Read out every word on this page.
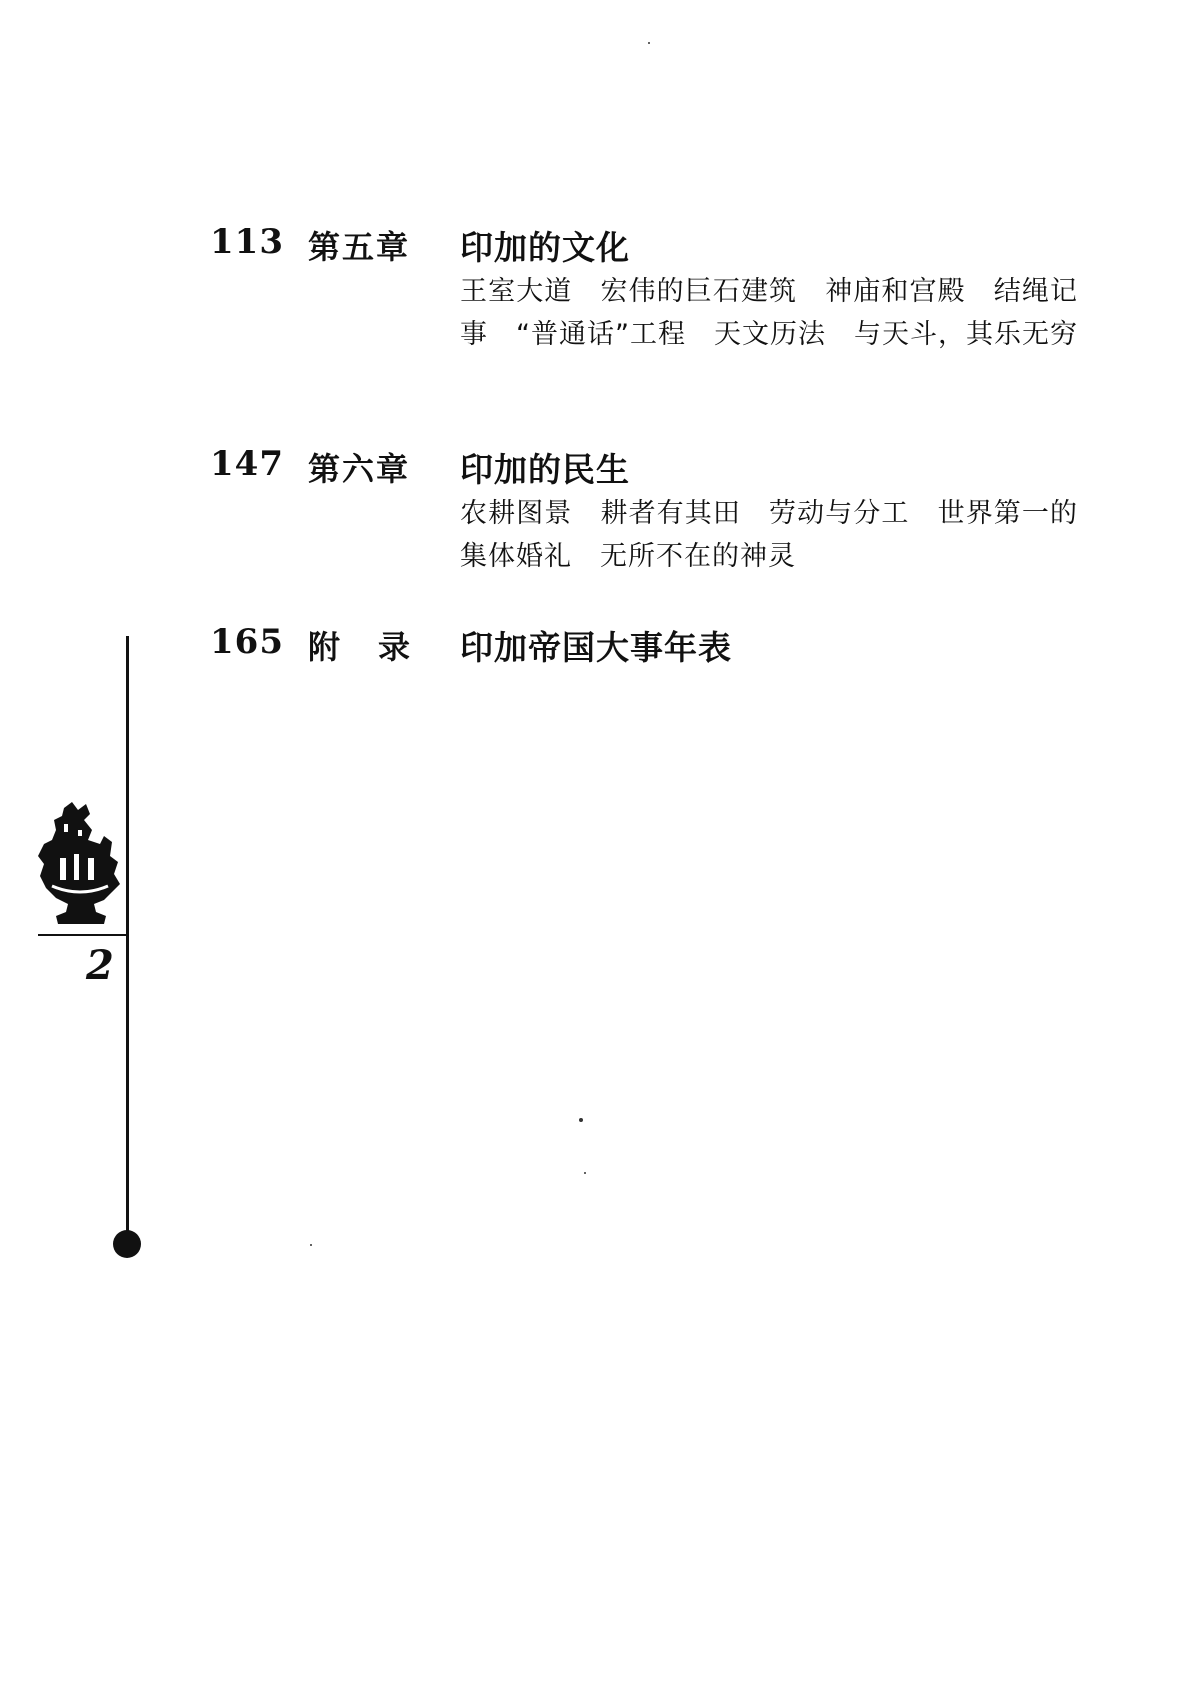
113 第五章 印加的文化
王室大道　宏伟的巨石建筑　神庙和宫殿　结绳记事　“普通话”工程　天文历法　与天斗，其乐无穷
147 第六章 印加的民生
农耕图景　耕者有其田　劳动与分工　世界第一的集体婚礼　无所不在的神灵
165 附录 印加帝国大事年表
2
